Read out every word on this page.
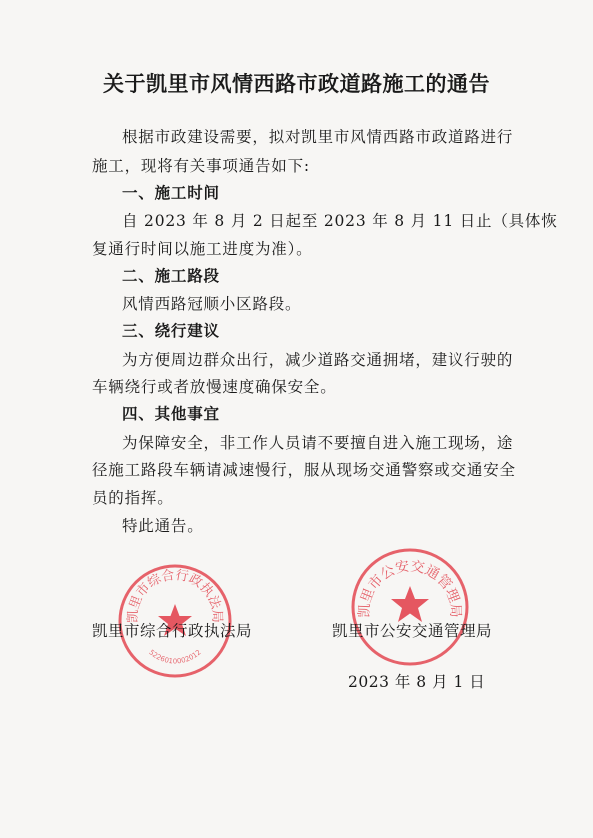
关于凯里市风情西路市政道路施工的通告
根据市政建设需要，拟对凯里市风情西路市政道路进行
施工，现将有关事项通告如下:
一、施工时间
自 2023 年 8 月 2 日起至 2023 年 8 月 11 日止（具体恢
复通行时间以施工进度为准）。
二、施工路段
风情西路冠顺小区路段。
三、绕行建议
为方便周边群众出行，减少道路交通拥堵，建议行驶的
车辆绕行或者放慢速度确保安全。
四、其他事宜
为保障安全，非工作人员请不要擅自进入施工现场，途
径施工路段车辆请减速慢行，服从现场交通警察或交通安全
员的指挥。
特此通告。
凯里市综合行政执法局
5226010002012
凯里市公安交通管理局
凯里市综合行政执法局	凯里市公安交通管理局
2023 年 8 月 1 日
